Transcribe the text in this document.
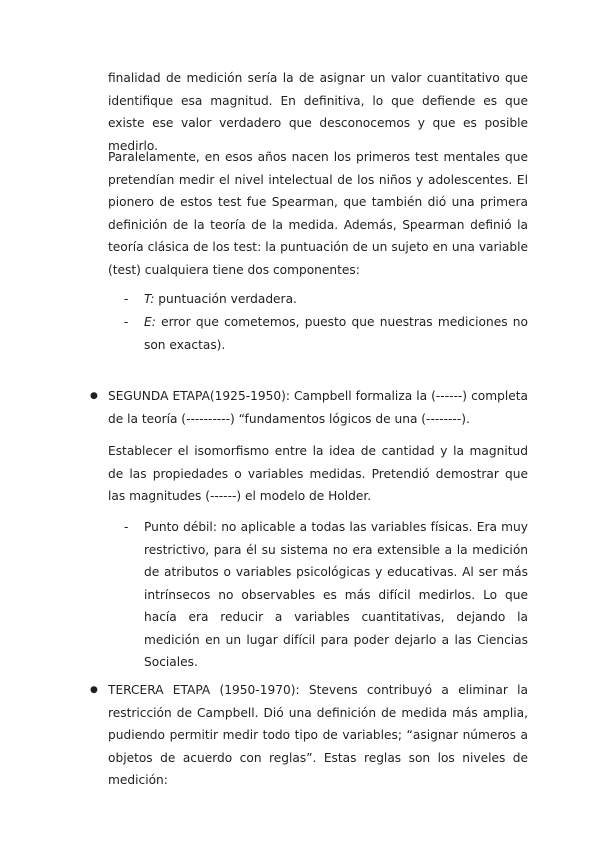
finalidad de medición sería la de asignar un valor cuantitativo que identifique esa magnitud. En definitiva, lo que defiende es que existe ese valor verdadero que desconocemos y que es posible medirlo.

Paralelamente, en esos años nacen los primeros test mentales que pretendían medir el nivel intelectual de los niños y adolescentes. El pionero de estos test fue Spearman, que también dió una primera definición de la teoría de la medida. Además, Spearman definió la teoría clásica de los test: la puntuación de un sujeto en una variable (test) cualquiera tiene dos componentes:

- T: puntuación verdadera.

- E: error que cometemos, puesto que nuestras mediciones no son exactas).

● SEGUNDA ETAPA(1925-1950): Campbell formaliza la (------) completa de la teoría (----------) “fundamentos lógicos de una (--------).

Establecer el isomorfismo entre la idea de cantidad y la magnitud de las propiedades o variables medidas. Pretendió demostrar que las magnitudes (------) el modelo de Holder.

- Punto débil: no aplicable a todas las variables físicas. Era muy restrictivo, para él su sistema no era extensible a la medición de atributos o variables psicológicas y educativas. Al ser más intrínsecos no observables es más difícil medirlos. Lo que hacía era reducir a variables cuantitativas, dejando la medición en un lugar difícil para poder dejarlo a las Ciencias Sociales.

● TERCERA ETAPA (1950-1970): Stevens contribuyó a eliminar la restricción de Campbell. Dió una definición de medida más amplia, pudiendo permitir medir todo tipo de variables; “asignar números a objetos de acuerdo con reglas”. Estas reglas son los niveles de medición:
